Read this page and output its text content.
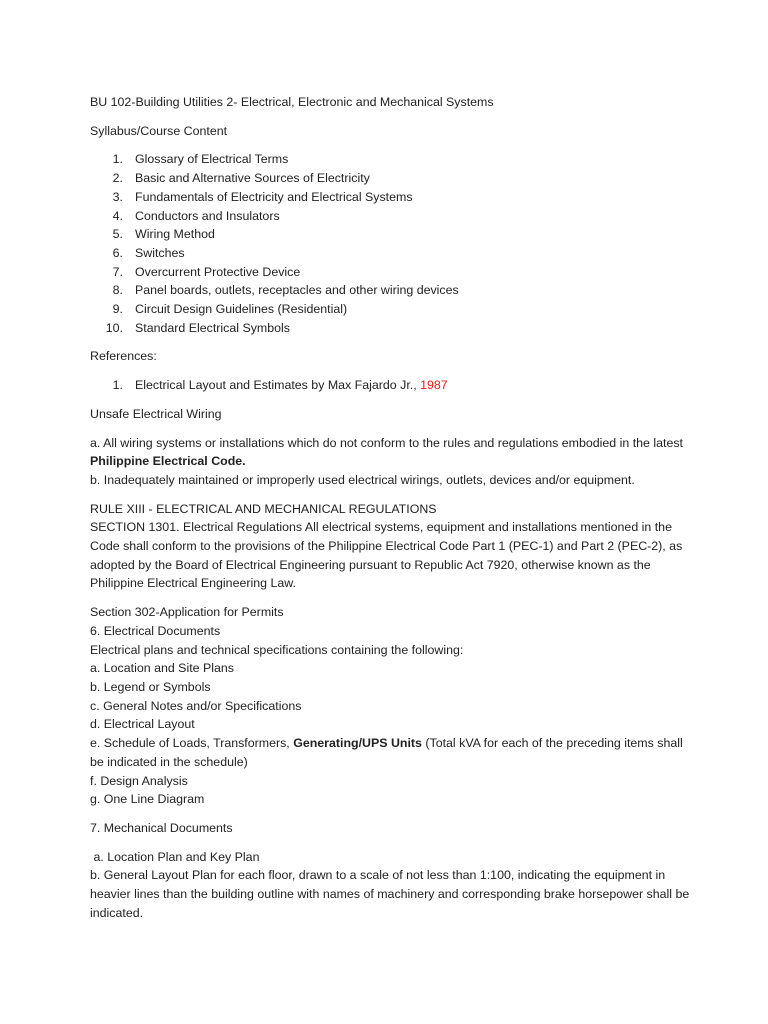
BU 102-Building Utilities 2- Electrical, Electronic and Mechanical Systems

Syllabus/Course Content

1. Glossary of Electrical Terms
2. Basic and Alternative Sources of Electricity
3. Fundamentals of Electricity and Electrical Systems
4. Conductors and Insulators
5. Wiring Method
6. Switches
7. Overcurrent Protective Device
8. Panel boards, outlets, receptacles and other wiring devices
9. Circuit Design Guidelines (Residential)
10. Standard Electrical Symbols

References:

1. Electrical Layout and Estimates by Max Fajardo Jr., 1987

Unsafe Electrical Wiring

a. All wiring systems or installations which do not conform to the rules and regulations embodied in the latest Philippine Electrical Code.

b. Inadequately maintained or improperly used electrical wirings, outlets, devices and/or equipment.

RULE XIII - ELECTRICAL AND MECHANICAL REGULATIONS

SECTION 1301. Electrical Regulations All electrical systems, equipment and installations mentioned in the Code shall conform to the provisions of the Philippine Electrical Code Part 1 (PEC-1) and Part 2 (PEC-2), as adopted by the Board of Electrical Engineering pursuant to Republic Act 7920, otherwise known as the Philippine Electrical Engineering Law.

Section 302-Application for Permits

6. Electrical Documents

Electrical plans and technical specifications containing the following:

a. Location and Site Plans

b. Legend or Symbols

c. General Notes and/or Specifications

d. Electrical Layout

e. Schedule of Loads, Transformers, Generating/UPS Units (Total kVA for each of the preceding items shall be indicated in the schedule)

f. Design Analysis

g. One Line Diagram

7. Mechanical Documents

a. Location Plan and Key Plan

b. General Layout Plan for each floor, drawn to a scale of not less than 1:100, indicating the equipment in heavier lines than the building outline with names of machinery and corresponding brake horsepower shall be indicated.
